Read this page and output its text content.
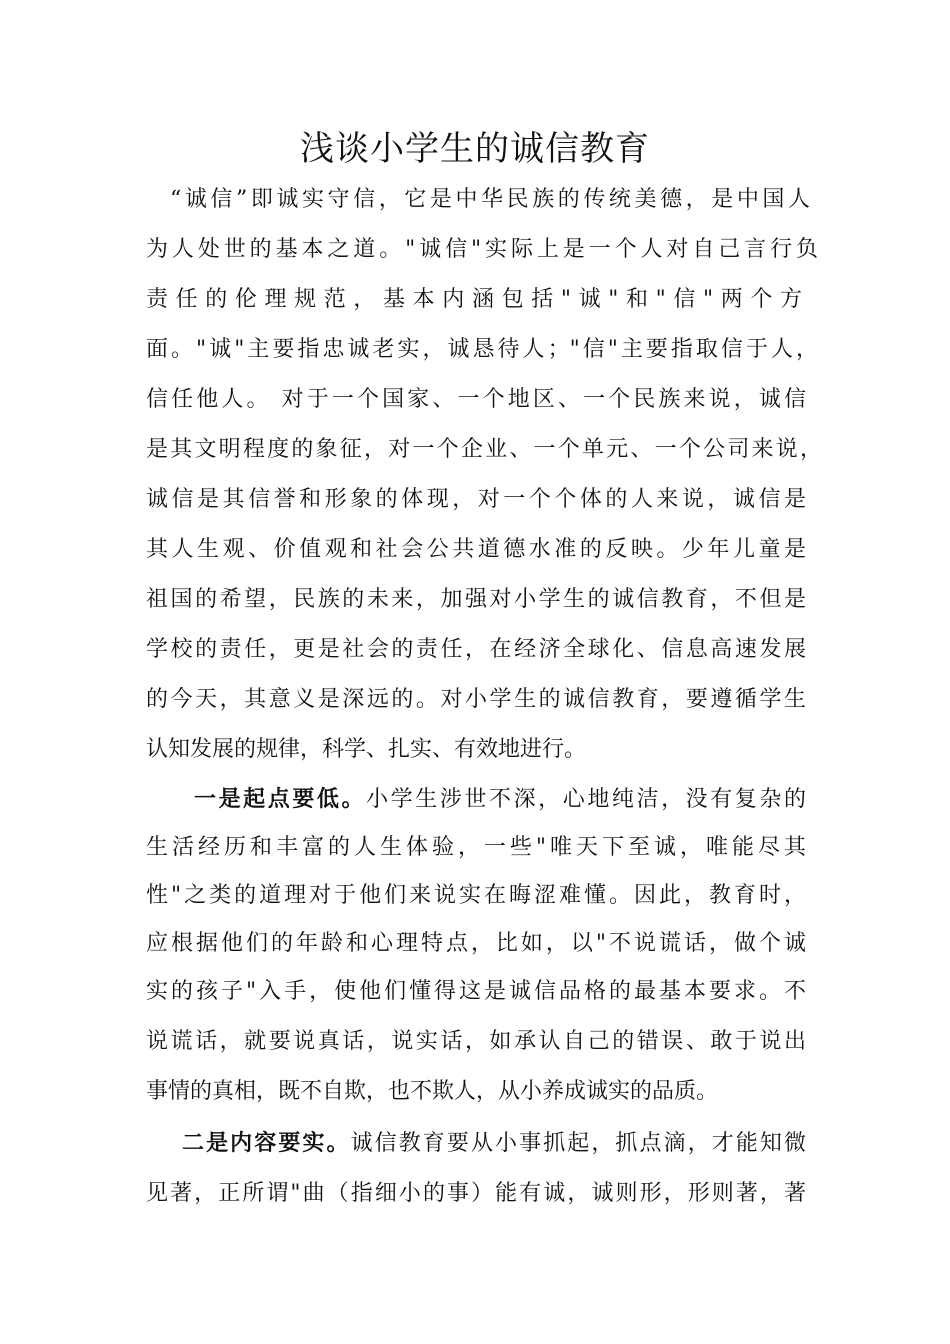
浅谈小学生的诚信教育
“诚信”即诚实守信，它是中华民族的传统美德，是中国人
为人处世的基本之道。"诚信"实际上是一个人对自己言行负
责任的伦理规范，基本内涵包括"诚"和"信"两个方
面。"诚"主要指忠诚老实，诚恳待人；"信"主要指取信于人，
信任他人。 对于一个国家、一个地区、一个民族来说，诚信
是其文明程度的象征，对一个企业、一个单元、一个公司来说，
诚信是其信誉和形象的体现，对一个个体的人来说，诚信是
其人生观、价值观和社会公共道德水准的反映。少年儿童是
祖国的希望，民族的未来，加强对小学生的诚信教育，不但是
学校的责任，更是社会的责任，在经济全球化、信息高速发展
的今天，其意义是深远的。对小学生的诚信教育，要遵循学生
认知发展的规律，科学、扎实、有效地进行。
一是起点要低。小学生涉世不深，心地纯洁，没有复杂的
生活经历和丰富的人生体验，一些"唯天下至诚，唯能尽其
性"之类的道理对于他们来说实在晦涩难懂。因此，教育时，
应根据他们的年龄和心理特点，比如，以"不说谎话，做个诚
实的孩子"入手，使他们懂得这是诚信品格的最基本要求。不
说谎话，就要说真话，说实话，如承认自己的错误、敢于说出
事情的真相，既不自欺，也不欺人，从小养成诚实的品质。
二是内容要实。诚信教育要从小事抓起，抓点滴，才能知微
见著，正所谓"曲（指细小的事）能有诚，诚则形，形则著，著
